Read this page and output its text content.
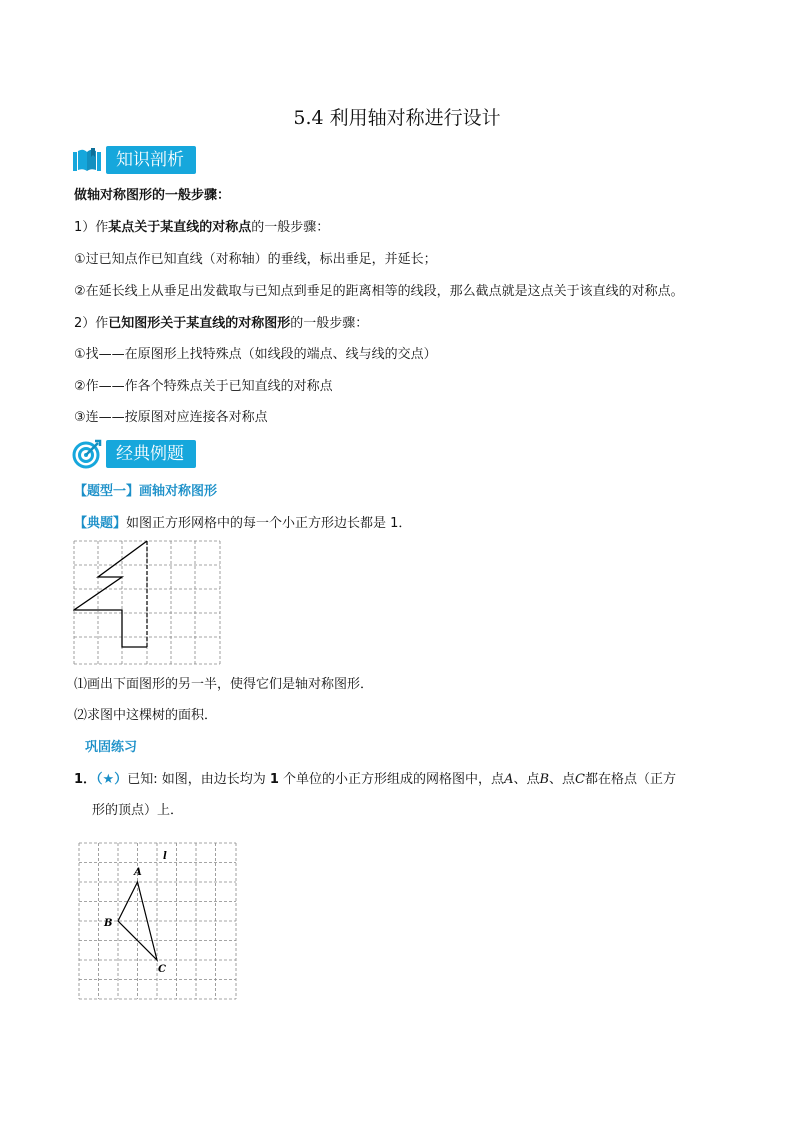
5.4 利用轴对称进行设计
知识剖析
做轴对称图形的一般步骤：
1）作某点关于某直线的对称点的一般步骤：
①过已知点作已知直线（对称轴）的垂线，标出垂足，并延长；
②在延长线上从垂足出发截取与已知点到垂足的距离相等的线段，那么截点就是这点关于该直线的对称点。
2）作已知图形关于某直线的对称图形的一般步骤：
①找——在原图形上找特殊点（如线段的端点、线与线的交点）
②作——作各个特殊点关于已知直线的对称点
③连——按原图对应连接各对称点
经典例题
【题型一】画轴对称图形
【典题】如图正方形网格中的每一个小正方形边长都是 1．
⑴画出下面图形的另一半，使得它们是轴对称图形．
⑵求图中这棵树的面积．
巩固练习
1．（★）已知: 如图，由边长均为 1 个单位的小正方形组成的网格图中，点A、点B、点C都在格点（正方
形的顶点）上．
A
B
C
l
